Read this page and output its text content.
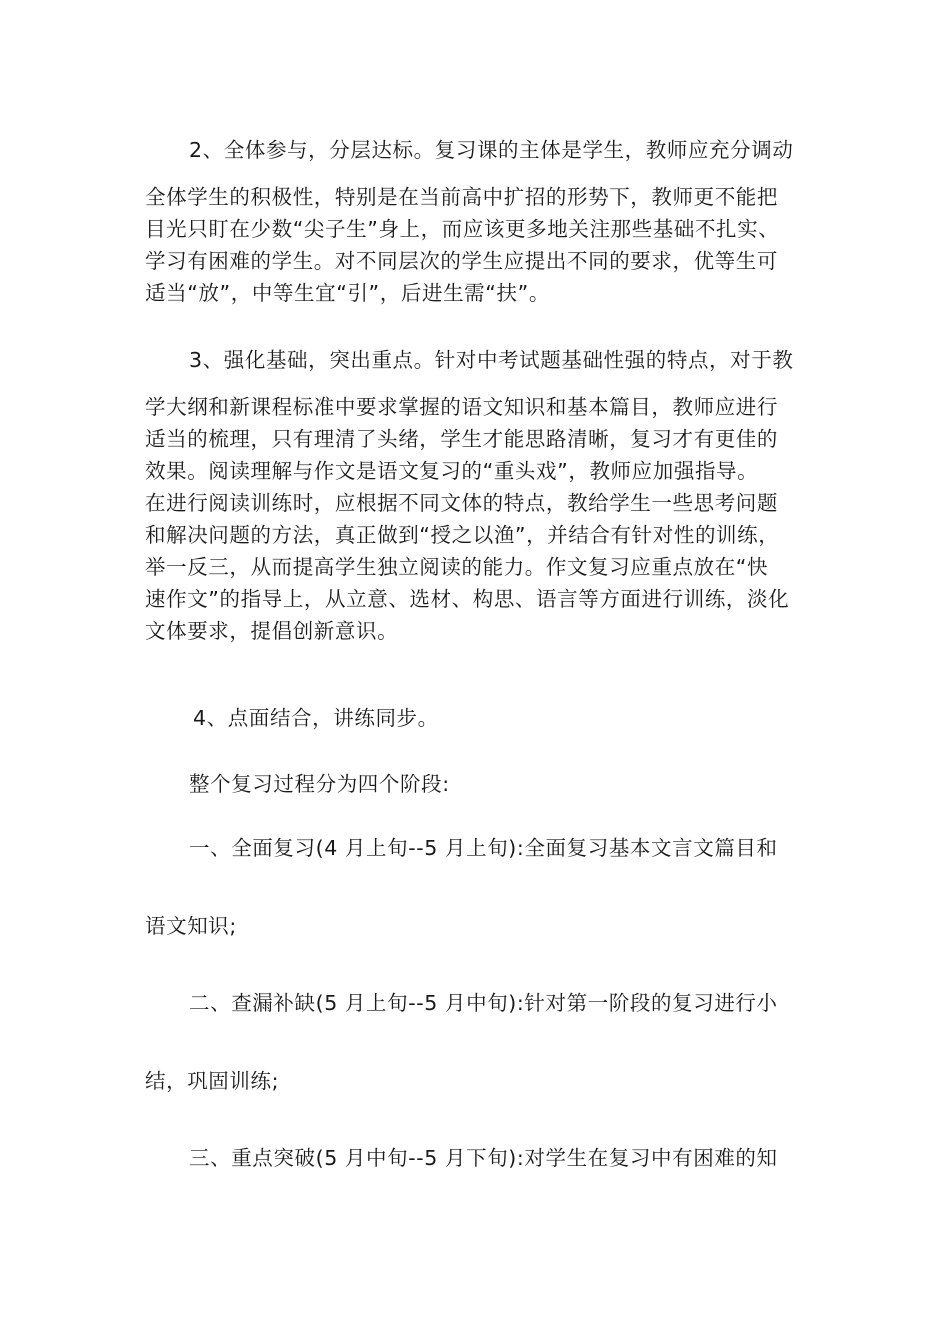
2、全体参与，分层达标。复习课的主体是学生，教师应充分调动
全体学生的积极性，特别是在当前高中扩招的形势下，教师更不能把
目光只盯在少数“尖子生”身上，而应该更多地关注那些基础不扎实、
学习有困难的学生。对不同层次的学生应提出不同的要求，优等生可
适当“放”，中等生宜“引”，后进生需“扶”。
3、强化基础，突出重点。针对中考试题基础性强的特点，对于教
学大纲和新课程标准中要求掌握的语文知识和基本篇目，教师应进行
适当的梳理，只有理清了头绪，学生才能思路清晰，复习才有更佳的
效果。阅读理解与作文是语文复习的“重头戏”，教师应加强指导。
在进行阅读训练时，应根据不同文体的特点，教给学生一些思考问题
和解决问题的方法，真正做到“授之以渔”，并结合有针对性的训练，
举一反三，从而提高学生独立阅读的能力。作文复习应重点放在“快
速作文”的指导上，从立意、选材、构思、语言等方面进行训练，淡化
文体要求，提倡创新意识。
4、点面结合，讲练同步。
整个复习过程分为四个阶段:
一、全面复习(4 月上旬--5 月上旬):全面复习基本文言文篇目和
语文知识;
二、查漏补缺(5 月上旬--5 月中旬):针对第一阶段的复习进行小
结，巩固训练;
三、重点突破(5 月中旬--5 月下旬):对学生在复习中有困难的知
